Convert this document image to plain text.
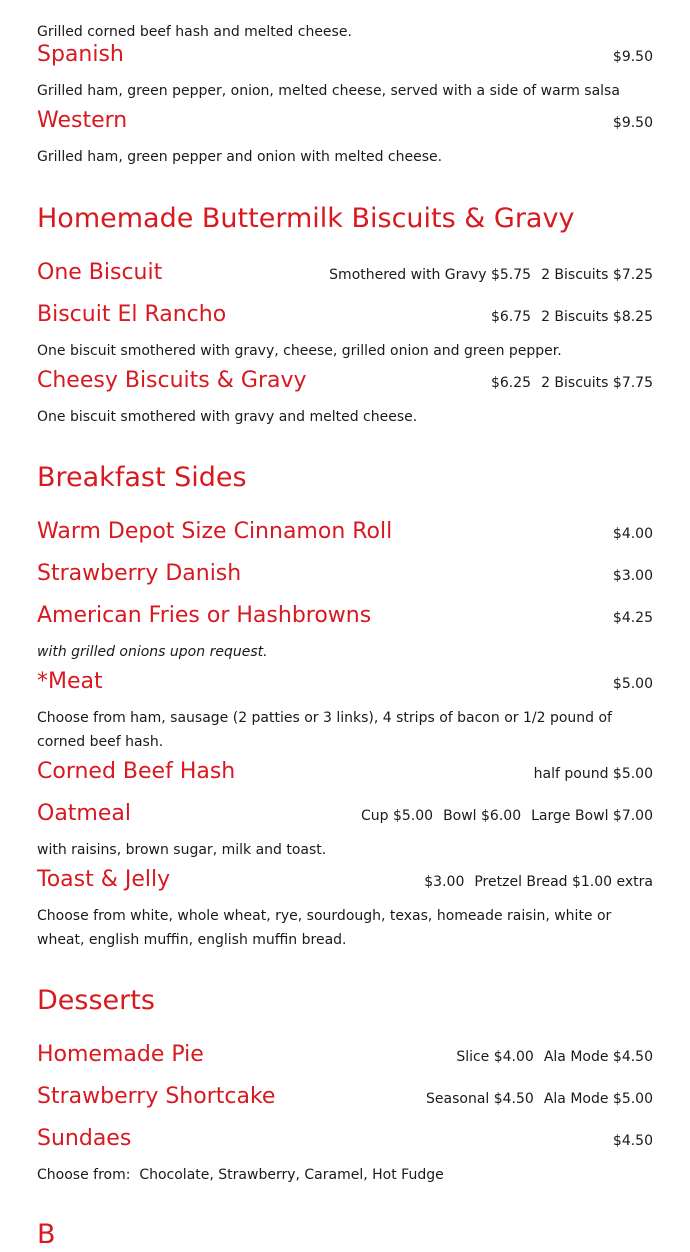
Grilled corned beef hash and melted cheese.
Spanish	$9.50
Grilled ham, green pepper, onion, melted cheese, served with a side of warm salsa
Western	$9.50
Grilled ham, green pepper and onion with melted cheese.
Homemade Buttermilk Biscuits & Gravy
One Biscuit	Smothered with Gravy $5.75 2 Biscuits $7.25
Biscuit El Rancho	$6.75 2 Biscuits $8.25
One biscuit smothered with gravy, cheese, grilled onion and green pepper.
Cheesy Biscuits & Gravy	$6.25 2 Biscuits $7.75
One biscuit smothered with gravy and melted cheese.
Breakfast Sides
Warm Depot Size Cinnamon Roll	$4.00
Strawberry Danish	$3.00
American Fries or Hashbrowns	$4.25
with grilled onions upon request.
*Meat	$5.00
Choose from ham, sausage (2 patties or 3 links), 4 strips of bacon or 1/2 pound of corned beef hash.
Corned Beef Hash	half pound $5.00
Oatmeal	Cup $5.00 Bowl $6.00 Large Bowl $7.00
with raisins, brown sugar, milk and toast.
Toast & Jelly	$3.00 Pretzel Bread $1.00 extra
Choose from white, whole wheat, rye, sourdough, texas, homeade raisin, white or wheat, english muffin, english muffin bread.
Desserts
Homemade Pie	Slice $4.00 Ala Mode $4.50
Strawberry Shortcake	Seasonal $4.50 Ala Mode $5.00
Sundaes	$4.50
Choose from:  Chocolate, Strawberry, Caramel, Hot Fudge
B
